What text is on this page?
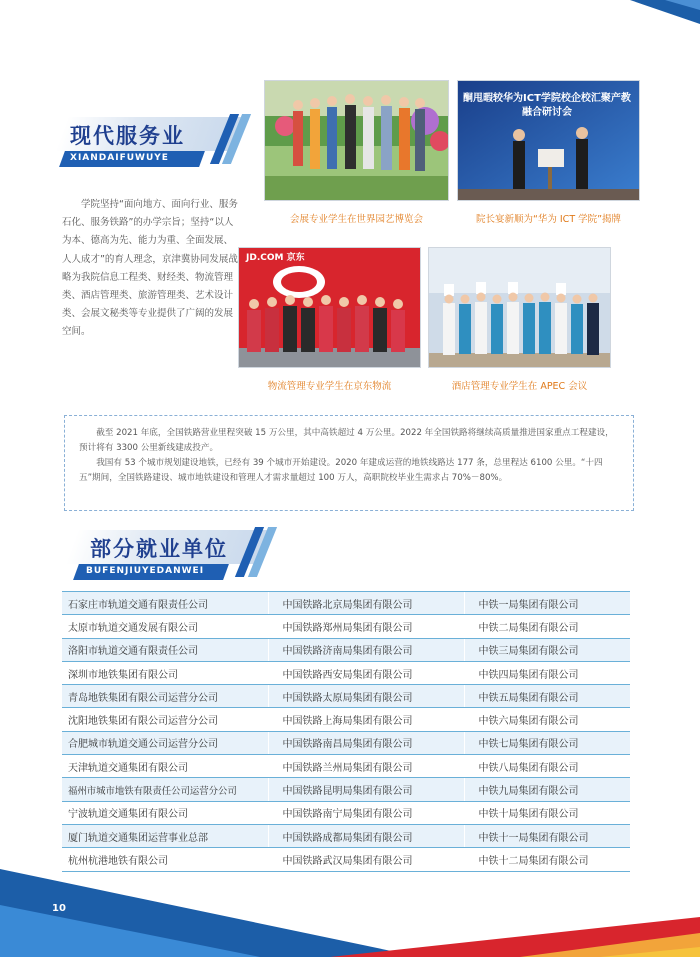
现代服务业
XIANDAIFUWUYE
学院坚持“面向地方、面向行业、服务石化、服务铁路”的办学宗旨；坚持“以人为本、德高为先、能力为重、全面发展、人人成才”的育人理念，京津冀协同发展战略为我院信息工程类、财经类、物流管理类、酒店管理类、旅游管理类、艺术设计类、会展文秘类等专业提供了广阔的发展空间。
会展专业学生在世界园艺博览会
酮甩暇较华为ICT学院校企校汇聚产教融合研讨会
院长宴新顺为“华为 ICT 学院”揭牌
JD.COM 京东
物流管理专业学生在京东物流	酒店管理专业学生在 APEC 会议

截至 2021 年底，全国铁路营业里程突破 15 万公里，其中高铁超过 4 万公里。2022 年全国铁路将继续高质量推进国家重点工程建设，预计将有 3300 公里新线建成投产。

我国有 53 个城市规划建设地铁，已经有 39 个城市开始建设。2020 年建成运营的地铁线路达 177 条，总里程达 6100 公里。“十四五”期间，全国铁路建设、城市地铁建设和管理人才需求量超过 100 万人，高职院校毕业生需求占 70%－80%。

部分就业单位
BUFENJIUYEDANWEI
石家庄市轨道交通有限责任公司	中国铁路北京局集团有限公司	中铁一局集团有限公司
太原市轨道交通发展有限公司	中国铁路郑州局集团有限公司	中铁二局集团有限公司
洛阳市轨道交通有限责任公司	中国铁路济南局集团有限公司	中铁三局集团有限公司
深圳市地铁集团有限公司	中国铁路西安局集团有限公司	中铁四局集团有限公司
青岛地铁集团有限公司运营分公司	中国铁路太原局集团有限公司	中铁五局集团有限公司
沈阳地铁集团有限公司运营分公司	中国铁路上海局集团有限公司	中铁六局集团有限公司
合肥城市轨道交通公司运营分公司	中国铁路南昌局集团有限公司	中铁七局集团有限公司
天津轨道交通集团有限公司	中国铁路兰州局集团有限公司	中铁八局集团有限公司
福州市城市地铁有限责任公司运营分公司	中国铁路昆明局集团有限公司	中铁九局集团有限公司
宁波轨道交通集团有限公司	中国铁路南宁局集团有限公司	中铁十局集团有限公司
厦门轨道交通集团运营事业总部	中国铁路成都局集团有限公司	中铁十一局集团有限公司
杭州杭港地铁有限公司	中国铁路武汉局集团有限公司	中铁十二局集团有限公司
10
